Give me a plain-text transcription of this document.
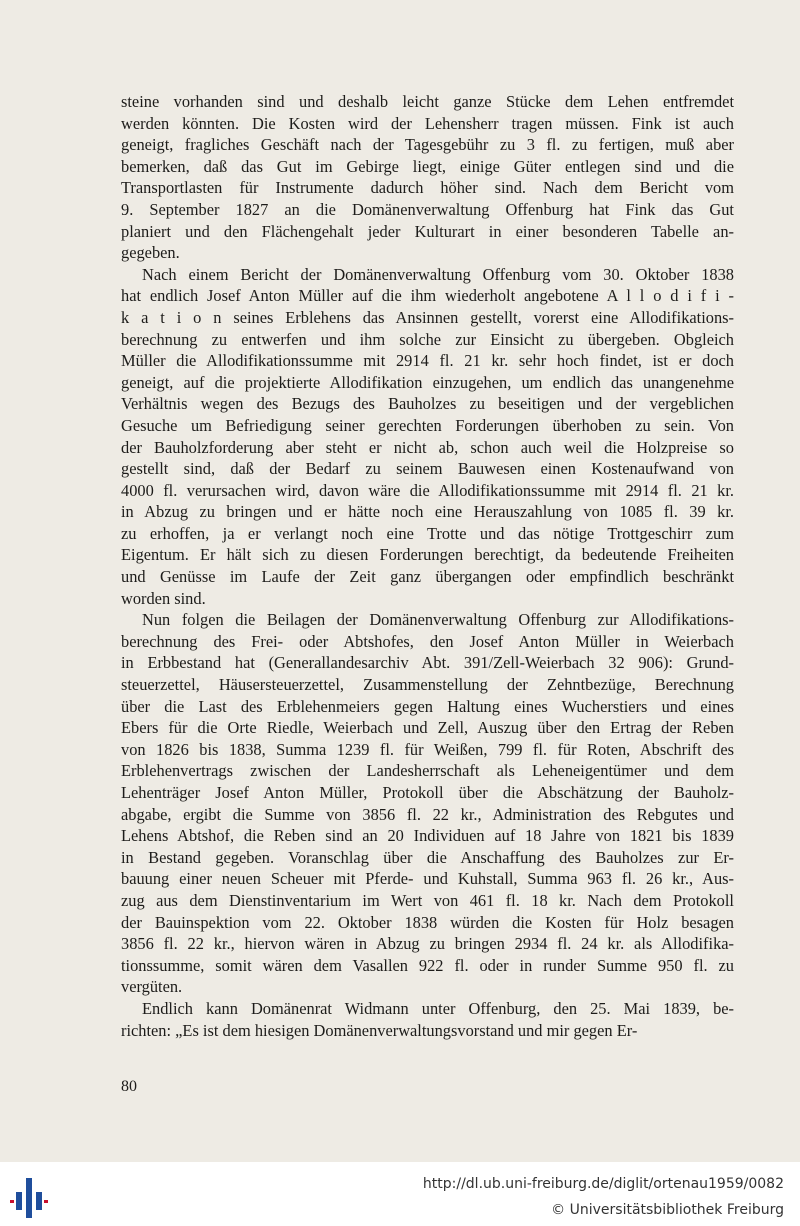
steine vorhanden sind und deshalb leicht ganze Stücke dem Lehen entfremdet
werden könnten. Die Kosten wird der Lehensherr tragen müssen. Fink ist auch
geneigt, fragliches Geschäft nach der Tagesgebühr zu 3 fl. zu fertigen, muß aber
bemerken, daß das Gut im Gebirge liegt, einige Güter entlegen sind und die
Transportlasten für Instrumente dadurch höher sind. Nach dem Bericht vom
9. September 1827 an die Domänenverwaltung Offenburg hat Fink das Gut
planiert und den Flächengehalt jeder Kulturart in einer besonderen Tabelle an-
gegeben.
Nach einem Bericht der Domänenverwaltung Offenburg vom 30. Oktober 1838
hat endlich Josef Anton Müller auf die ihm wiederholt angebotene A l l o d i f i -
k a t i o n seines Erblehens das Ansinnen gestellt, vorerst eine Allodifikations-
berechnung zu entwerfen und ihm solche zur Einsicht zu übergeben. Obgleich
Müller die Allodifikationssumme mit 2914 fl. 21 kr. sehr hoch findet, ist er doch
geneigt, auf die projektierte Allodifikation einzugehen, um endlich das unangenehme
Verhältnis wegen des Bezugs des Bauholzes zu beseitigen und der vergeblichen
Gesuche um Befriedigung seiner gerechten Forderungen überhoben zu sein. Von
der Bauholzforderung aber steht er nicht ab, schon auch weil die Holzpreise so
gestellt sind, daß der Bedarf zu seinem Bauwesen einen Kostenaufwand von
4000 fl. verursachen wird, davon wäre die Allodifikationssumme mit 2914 fl. 21 kr.
in Abzug zu bringen und er hätte noch eine Herauszahlung von 1085 fl. 39 kr.
zu erhoffen, ja er verlangt noch eine Trotte und das nötige Trottgeschirr zum
Eigentum. Er hält sich zu diesen Forderungen berechtigt, da bedeutende Freiheiten
und Genüsse im Laufe der Zeit ganz übergangen oder empfindlich beschränkt
worden sind.
Nun folgen die Beilagen der Domänenverwaltung Offenburg zur Allodifikations-
berechnung des Frei- oder Abtshofes, den Josef Anton Müller in Weierbach
in Erbbestand hat (Generallandesarchiv Abt. 391/Zell-Weierbach 32 906): Grund-
steuerzettel, Häusersteuerzettel, Zusammenstellung der Zehntbezüge, Berechnung
über die Last des Erblehenmeiers gegen Haltung eines Wucherstiers und eines
Ebers für die Orte Riedle, Weierbach und Zell, Auszug über den Ertrag der Reben
von 1826 bis 1838, Summa 1239 fl. für Weißen, 799 fl. für Roten, Abschrift des
Erblehenvertrags zwischen der Landesherrschaft als Leheneigentümer und dem
Lehenträger Josef Anton Müller, Protokoll über die Abschätzung der Bauholz-
abgabe, ergibt die Summe von 3856 fl. 22 kr., Administration des Rebgutes und
Lehens Abtshof, die Reben sind an 20 Individuen auf 18 Jahre von 1821 bis 1839
in Bestand gegeben. Voranschlag über die Anschaffung des Bauholzes zur Er-
bauung einer neuen Scheuer mit Pferde- und Kuhstall, Summa 963 fl. 26 kr., Aus-
zug aus dem Dienstinventarium im Wert von 461 fl. 18 kr. Nach dem Protokoll
der Bauinspektion vom 22. Oktober 1838 würden die Kosten für Holz besagen
3856 fl. 22 kr., hiervon wären in Abzug zu bringen 2934 fl. 24 kr. als Allodifika-
tionssumme, somit wären dem Vasallen 922 fl. oder in runder Summe 950 fl. zu
vergüten.
Endlich kann Domänenrat Widmann unter Offenburg, den 25. Mai 1839, be-
richten: „Es ist dem hiesigen Domänenverwaltungsvorstand und mir gegen Er-
80
http://dl.ub.uni-freiburg.de/diglit/ortenau1959/0082
© Universitätsbibliothek Freiburg
